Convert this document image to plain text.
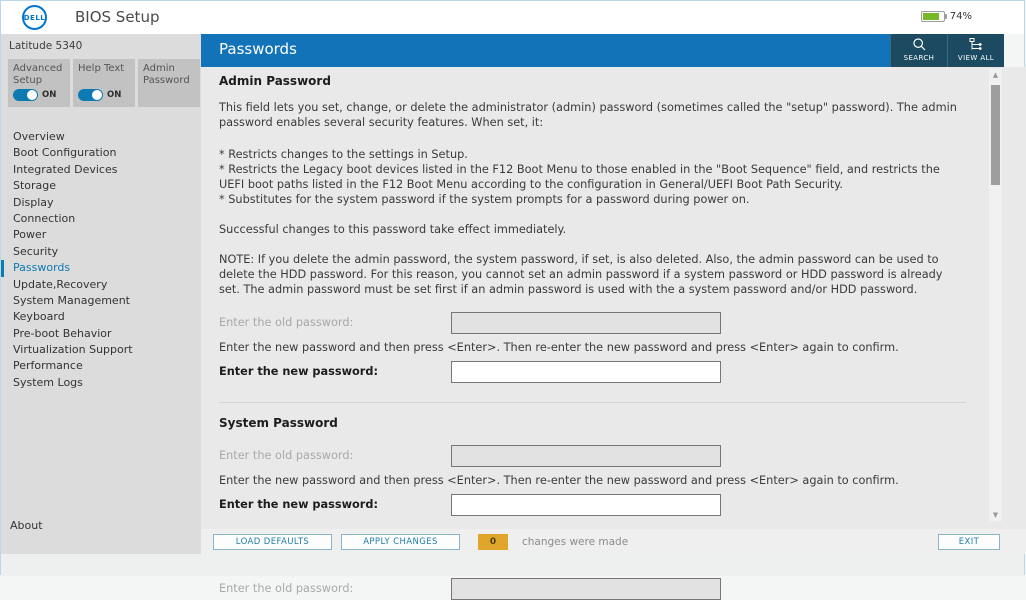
DELL BIOS Setup	74%
Latitude 5340
Advanced Setup
ON
Help Text
ON
Admin Password
Overview
Boot Configuration
Integrated Devices
Storage
Display
Connection
Power
Security
Passwords
Update,Recovery
System Management
Keyboard
Pre-boot Behavior
Virtualization Support
Performance
System Logs
About
Passwords	SEARCH	VIEW ALL
Admin Password
This field lets you set, change, or delete the administrator (admin) password (sometimes called the "setup" password). The admin password enables several security features. When set, it:
* Restricts changes to the settings in Setup.
* Restricts the Legacy boot devices listed in the F12 Boot Menu to those enabled in the "Boot Sequence" field, and restricts the UEFI boot paths listed in the F12 Boot Menu according to the configuration in General/UEFI Boot Path Security.
* Substitutes for the system password if the system prompts for a password during power on.
Successful changes to this password take effect immediately.
NOTE: If you delete the admin password, the system password, if set, is also deleted. Also, the admin password can be used to delete the HDD password. For this reason, you cannot set an admin password if a system password or HDD password is already set. The admin password must be set first if an admin password is used with the a system password and/or HDD password.
Enter the old password:
Enter the new password and then press <Enter>. Then re-enter the new password and press <Enter> again to confirm.
Enter the new password:
System Password
Enter the old password:
Enter the new password and then press <Enter>. Then re-enter the new password and press <Enter> again to confirm.
Enter the new password:
Enter the old password:
▲
▼
LOAD DEFAULTS	APPLY CHANGES	0	changes were made	EXIT
